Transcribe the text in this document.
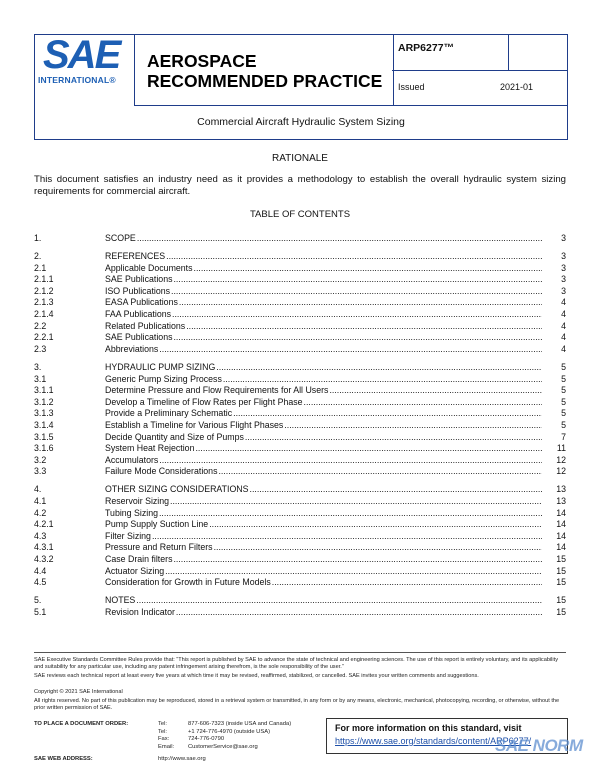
SAE
INTERNATIONAL®
AEROSPACE
RECOMMENDED PRACTICE
ARP6277™
Issued	2021-01
Commercial Aircraft Hydraulic System Sizing
RATIONALE
This document satisfies an industry need as it provides a methodology to establish the overall hydraulic system sizing requirements for commercial aircraft.
TABLE OF CONTENTS
1.	SCOPE .....	3
2.	REFERENCES .....	3
2.1	Applicable Documents .....	3
2.1.1	SAE Publications .....	3
2.1.2	ISO Publications .....	3
2.1.3	EASA Publications .....	4
2.1.4	FAA Publications .....	4
2.2	Related Publications .....	4
2.2.1	SAE Publications .....	4
2.3	Abbreviations .....	4
3.	HYDRAULIC PUMP SIZING .....	5
3.1	Generic Pump Sizing Process .....	5
3.1.1	Determine Pressure and Flow Requirements for All Users .....	5
3.1.2	Develop a Timeline of Flow Rates per Flight Phase .....	5
3.1.3	Provide a Preliminary Schematic .....	5
3.1.4	Establish a Timeline for Various Flight Phases .....	5
3.1.5	Decide Quantity and Size of Pumps .....	7
3.1.6	System Heat Rejection .....	11
3.2	Accumulators .....	12
3.3	Failure Mode Considerations .....	12
4.	OTHER SIZING CONSIDERATIONS .....	13
4.1	Reservoir Sizing .....	13
4.2	Tubing Sizing .....	14
4.2.1	Pump Supply Suction Line .....	14
4.3	Filter Sizing .....	14
4.3.1	Pressure and Return Filters .....	14
4.3.2	Case Drain filters .....	15
4.4	Actuator Sizing .....	15
4.5	Consideration for Growth in Future Models .....	15
5.	NOTES .....	15
5.1	Revision Indicator .....	15
SAE Executive Standards Committee Rules provide that: “This report is published by SAE to advance the state of technical and engineering sciences. The use of this report is entirely voluntary, and its applicability and suitability for any particular use, including any patent infringement arising therefrom, is the sole responsibility of the user.”
SAE reviews each technical report at least every five years at which time it may be revised, reaffirmed, stabilized, or cancelled. SAE invites your written comments and suggestions.
Copyright © 2021 SAE International
All rights reserved. No part of this publication may be reproduced, stored in a retrieval system or transmitted, in any form or by any means, electronic, mechanical, photocopying, recording, or otherwise, without the prior written permission of SAE.
TO PLACE A DOCUMENT ORDER:	Tel:	877-606-7323 (inside USA and Canada)
Tel:	+1 724-776-4970 (outside USA)
Fax:	724-776-0790
Email:	CustomerService@sae.org
SAE WEB ADDRESS:	http://www.sae.org
For more information on this standard, visit
https://www.sae.org/standards/content/ARP6277/
SAE NORM
